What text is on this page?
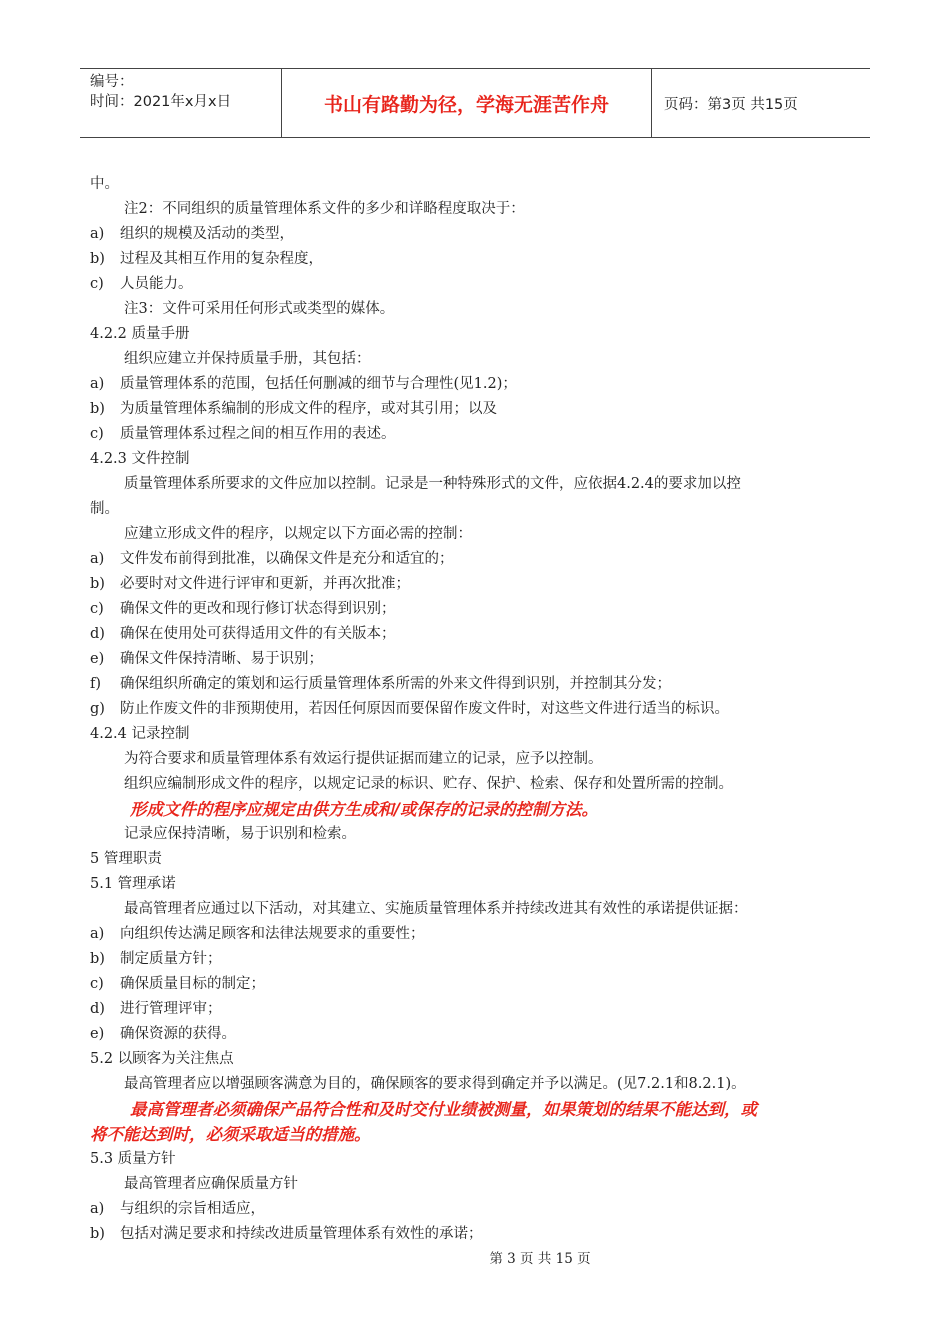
编号：
时间：2021年x月x日	书山有路勤为径，学海无涯苦作舟	页码：第3页 共15页
中。
注2：不同组织的质量管理体系文件的多少和详略程度取决于：
a) 组织的规模及活动的类型，
b) 过程及其相互作用的复杂程度，
c) 人员能力。
注3：文件可采用任何形式或类型的媒体。
4.2.2 质量手册
组织应建立并保持质量手册，其包括：
a) 质量管理体系的范围，包括任何删减的细节与合理性(见1.2)；
b) 为质量管理体系编制的形成文件的程序，或对其引用；以及
c) 质量管理体系过程之间的相互作用的表述。
4.2.3 文件控制
质量管理体系所要求的文件应加以控制。记录是一种特殊形式的文件，应依据4.2.4的要求加以控
制。
应建立形成文件的程序，以规定以下方面必需的控制：
a) 文件发布前得到批准，以确保文件是充分和适宜的；
b) 必要时对文件进行评审和更新，并再次批准；
c) 确保文件的更改和现行修订状态得到识别；
d) 确保在使用处可获得适用文件的有关版本；
e) 确保文件保持清晰、易于识别；
f) 确保组织所确定的策划和运行质量管理体系所需的外来文件得到识别，并控制其分发；
g) 防止作废文件的非预期使用，若因任何原因而要保留作废文件时，对这些文件进行适当的标识。
4.2.4 记录控制
为符合要求和质量管理体系有效运行提供证据而建立的记录，应予以控制。
组织应编制形成文件的程序，以规定记录的标识、贮存、保护、检索、保存和处置所需的控制。
形成文件的程序应规定由供方生成和/或保存的记录的控制方法。
记录应保持清晰，易于识别和检索。
5 管理职责
5.1 管理承诺
最高管理者应通过以下活动，对其建立、实施质量管理体系并持续改进其有效性的承诺提供证据：
a) 向组织传达满足顾客和法律法规要求的重要性；
b) 制定质量方针；
c) 确保质量目标的制定；
d) 进行管理评审；
e) 确保资源的获得。
5.2 以顾客为关注焦点
最高管理者应以增强顾客满意为目的，确保顾客的要求得到确定并予以满足。(见7.2.1和8.2.1)。
最高管理者必须确保产品符合性和及时交付业绩被测量，如果策划的结果不能达到，或
将不能达到时，必须采取适当的措施。
5.3 质量方针
最高管理者应确保质量方针
a) 与组织的宗旨相适应，
b) 包括对满足要求和持续改进质量管理体系有效性的承诺；
第 3 页 共 15 页
